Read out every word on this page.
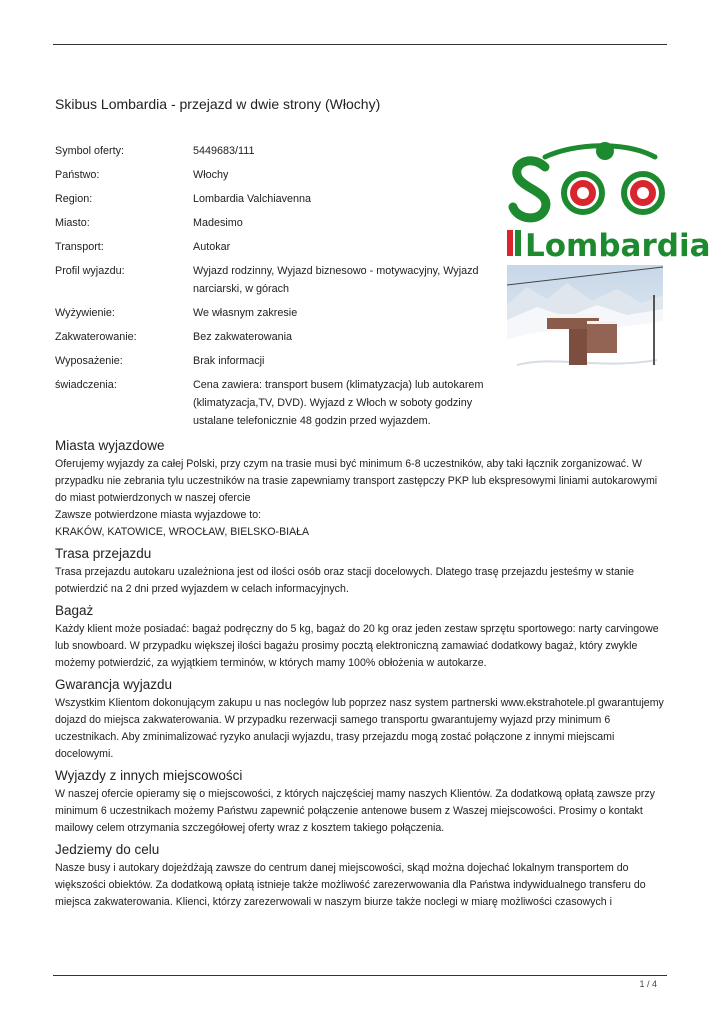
Skibus Lombardia - przejazd w dwie strony (Włochy)
Symbol oferty:	5449683/111
Państwo:	Włochy
Region:	Lombardia Valchiavenna
Miasto:	Madesimo
Transport:	Autokar
Profil wyjazdu:	Wyjazd rodzinny, Wyjazd biznesowo - motywacyjny, Wyjazd narciarski, w górach
Wyżywienie:	We własnym zakresie
Zakwaterowanie:	Bez zakwaterowania
Wyposażenie:	Brak informacji
świadczenia:	Cena zawiera: transport busem (klimatyzacja) lub autokarem (klimatyzacja,TV, DVD). Wyjazd z Włoch w soboty godziny ustalane telefonicznie 48 godzin przed wyjazdem.
Lombardia
Miasta wyjazdowe

Oferujemy wyjazdy za całej Polski, przy czym na trasie musi być minimum 6-8 uczestników, aby taki łącznik zorganizować. W przypadku nie zebrania tylu uczestników na trasie zapewniamy transport zastępczy PKP lub ekspresowymi liniami autokarowymi do miast potwierdzonych w naszej ofercie

Zawsze potwierdzone miasta wyjazdowe to:

KRAKÓW, KATOWICE, WROCŁAW, BIELSKO-BIAŁA

Trasa przejazdu

Trasa przejazdu autokaru uzależniona jest od ilości osób oraz stacji docelowych. Dlatego trasę przejazdu jesteśmy w stanie potwierdzić na 2 dni przed wyjazdem w celach informacyjnych.

Bagaż

Każdy klient może posiadać: bagaż podręczny do 5 kg, bagaż do 20 kg oraz jeden zestaw sprzętu sportowego: narty carvingowe lub snowboard. W przypadku większej ilości bagażu prosimy pocztą elektroniczną zamawiać dodatkowy bagaż, który zwykle możemy potwierdzić, za wyjątkiem terminów, w których mamy 100% obłożenia w autokarze.

Gwarancja wyjazdu

Wszystkim Klientom dokonującym zakupu u nas noclegów lub poprzez nasz system partnerski www.ekstrahotele.pl gwarantujemy dojazd do miejsca zakwaterowania. W przypadku rezerwacji samego transportu gwarantujemy wyjazd przy minimum 6 uczestnikach. Aby zminimalizować ryzyko anulacji wyjazdu, trasy przejazdu mogą zostać połączone z innymi miejscami docelowymi.

Wyjazdy z innych miejscowości

W naszej ofercie opieramy się o miejscowości, z których najczęściej mamy naszych Klientów. Za dodatkową opłatą zawsze przy minimum 6 uczestnikach możemy Państwu zapewnić połączenie antenowe busem z Waszej miejscowości. Prosimy o kontakt mailowy celem otrzymania szczegółowej oferty wraz z kosztem takiego połączenia.

Jedziemy do celu

Nasze busy i autokary dojeżdżają zawsze do centrum danej miejscowości, skąd można dojechać lokalnym transportem do większości obiektów. Za dodatkową opłatą istnieje także możliwość zarezerwowania dla Państwa indywidualnego transferu do miejsca zakwaterowania. Klienci, którzy zarezerwowali w naszym biurze także noclegi w miarę możliwości czasowych i

1 / 4
